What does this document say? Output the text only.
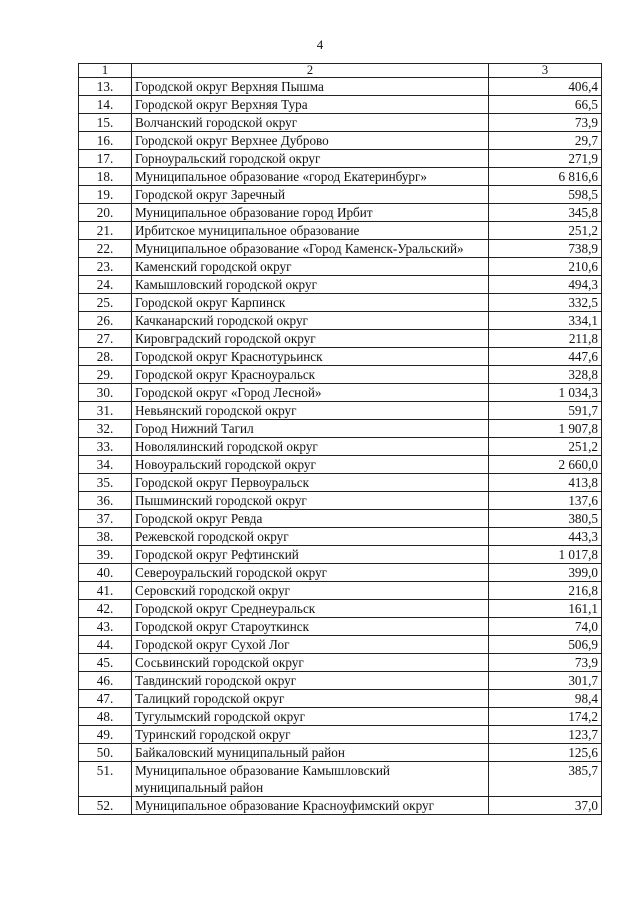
4
1	2	3
13.	Городской округ Верхняя Пышма	406,4
14.	Городской округ Верхняя Тура	66,5
15.	Волчанский городской округ	73,9
16.	Городской округ Верхнее Дуброво	29,7
17.	Горноуральский городской округ	271,9
18.	Муниципальное образование «город Екатеринбург»	6 816,6
19.	Городской округ Заречный	598,5
20.	Муниципальное образование город Ирбит	345,8
21.	Ирбитское муниципальное образование	251,2
22.	Муниципальное образование «Город Каменск-Уральский»	738,9
23.	Каменский городской округ	210,6
24.	Камышловский городской округ	494,3
25.	Городской округ Карпинск	332,5
26.	Качканарский городской округ	334,1
27.	Кировградский городской округ	211,8
28.	Городской округ Краснотурьинск	447,6
29.	Городской округ Красноуральск	328,8
30.	Городской округ «Город Лесной»	1 034,3
31.	Невьянский городской округ	591,7
32.	Город Нижний Тагил	1 907,8
33.	Новолялинский городской округ	251,2
34.	Новоуральский городской округ	2 660,0
35.	Городской округ Первоуральск	413,8
36.	Пышминский городской округ	137,6
37.	Городской округ Ревда	380,5
38.	Режевской городской округ	443,3
39.	Городской округ Рефтинский	1 017,8
40.	Североуральский городской округ	399,0
41.	Серовский городской округ	216,8
42.	Городской округ Среднеуральск	161,1
43.	Городской округ Староуткинск	74,0
44.	Городской округ Сухой Лог	506,9
45.	Сосьвинский городской округ	73,9
46.	Тавдинский городской округ	301,7
47.	Талицкий городской округ	98,4
48.	Тугулымский городской округ	174,2
49.	Туринский городской округ	123,7
50.	Байкаловский муниципальный район	125,6
51.	Муниципальное образование Камышловский муниципальный район	385,7
52.	Муниципальное образование Красноуфимский округ	37,0
